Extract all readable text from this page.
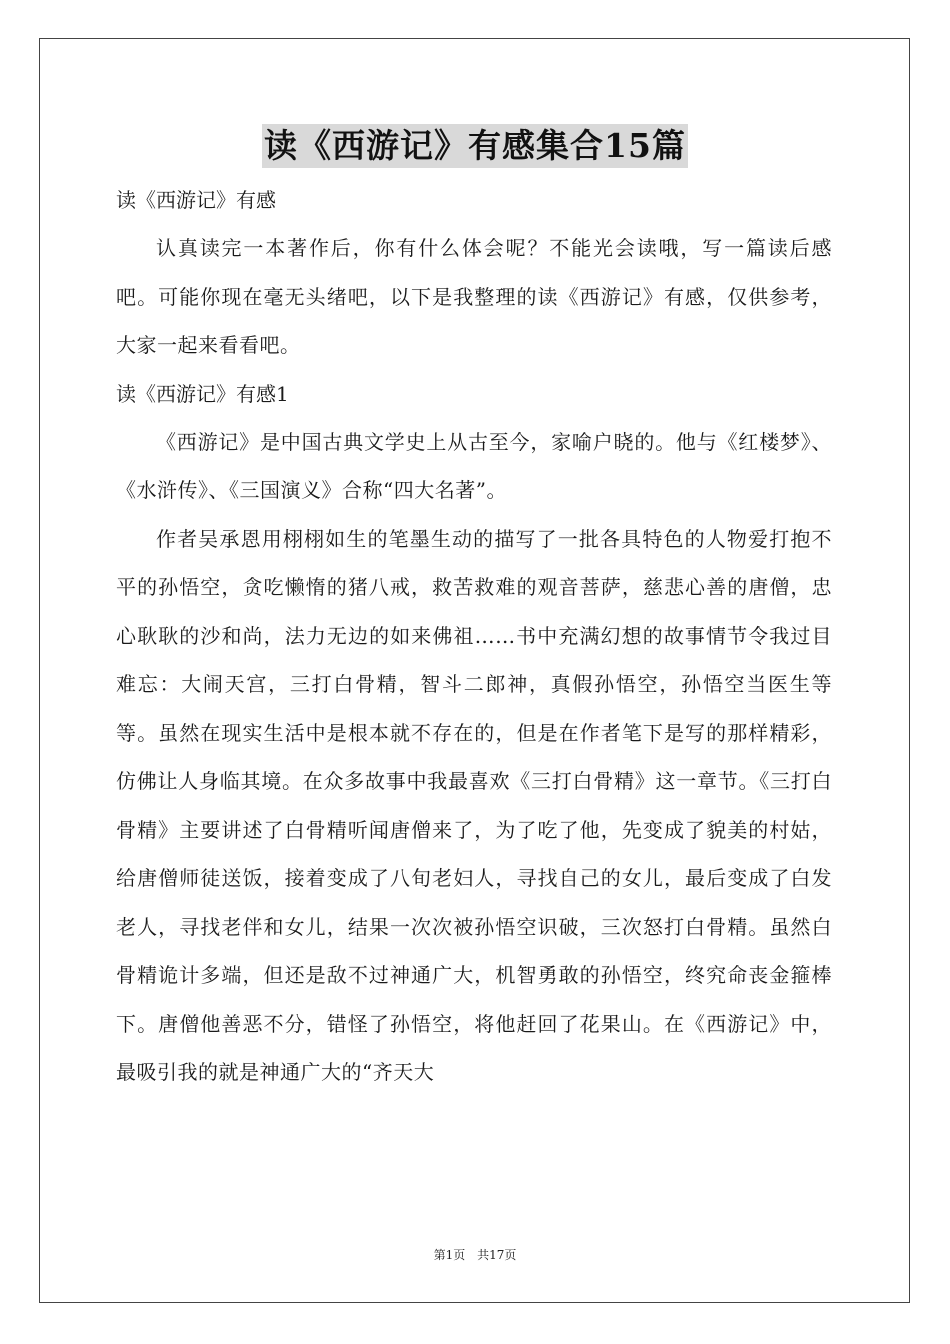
读《西游记》有感集合15篇

读《西游记》有感

认真读完一本著作后，你有什么体会呢？不能光会读哦，写一篇读后感吧。可能你现在毫无头绪吧，以下是我整理的读《西游记》有感，仅供参考，大家一起来看看吧。

读《西游记》有感1

《西游记》是中国古典文学史上从古至今，家喻户晓的。他与《红楼梦》、《水浒传》、《三国演义》合称“四大名著”。

作者吴承恩用栩栩如生的笔墨生动的描写了一批各具特色的人物爱打抱不平的孙悟空，贪吃懒惰的猪八戒，救苦救难的观音菩萨，慈悲心善的唐僧，忠心耿耿的沙和尚，法力无边的如来佛祖……书中充满幻想的故事情节令我过目难忘：大闹天宫，三打白骨精，智斗二郎神，真假孙悟空，孙悟空当医生等等。虽然在现实生活中是根本就不存在的，但是在作者笔下是写的那样精彩，仿佛让人身临其境。在众多故事中我最喜欢《三打白骨精》这一章节。《三打白骨精》主要讲述了白骨精听闻唐僧来了，为了吃了他，先变成了貌美的村姑，给唐僧师徒送饭，接着变成了八旬老妇人，寻找自己的女儿，最后变成了白发老人，寻找老伴和女儿，结果一次次被孙悟空识破，三次怒打白骨精。虽然白骨精诡计多端，但还是敌不过神通广大，机智勇敢的孙悟空，终究命丧金箍棒下。唐僧他善恶不分，错怪了孙悟空，将他赶回了花果山。在《西游记》中，最吸引我的就是神通广大的“齐天大

第1页 共17页
